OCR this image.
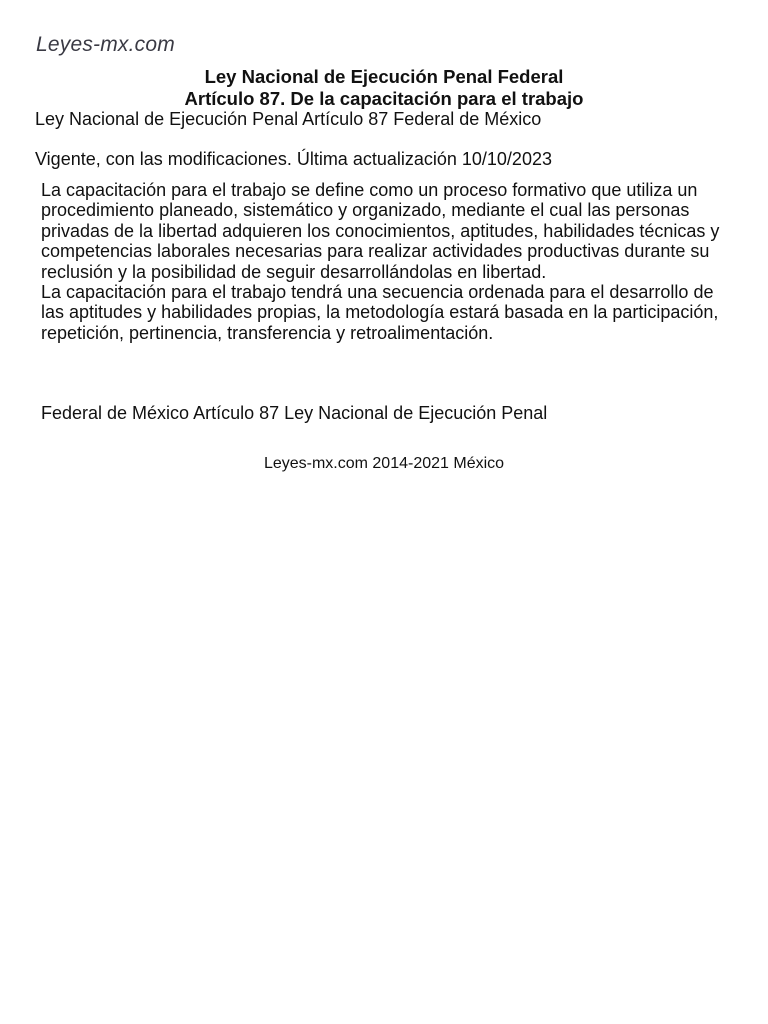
Leyes-mx.com
Ley Nacional de Ejecución Penal Federal
Artículo 87. De la capacitación para el trabajo
Ley Nacional de Ejecución Penal Artículo 87 Federal de México
Vigente, con las modificaciones. Última actualización 10/10/2023

La capacitación para el trabajo se define como un proceso formativo que utiliza un procedimiento planeado, sistemático y organizado, mediante el cual las personas privadas de la libertad adquieren los conocimientos, aptitudes, habilidades técnicas y competencias laborales necesarias para realizar actividades productivas durante su reclusión y la posibilidad de seguir desarrollándolas en libertad.

La capacitación para el trabajo tendrá una secuencia ordenada para el desarrollo de las aptitudes y habilidades propias, la metodología estará basada en la participación, repetición, pertinencia, transferencia y retroalimentación.

Federal de México Artículo 87 Ley Nacional de Ejecución Penal
Leyes-mx.com 2014-2021 México
